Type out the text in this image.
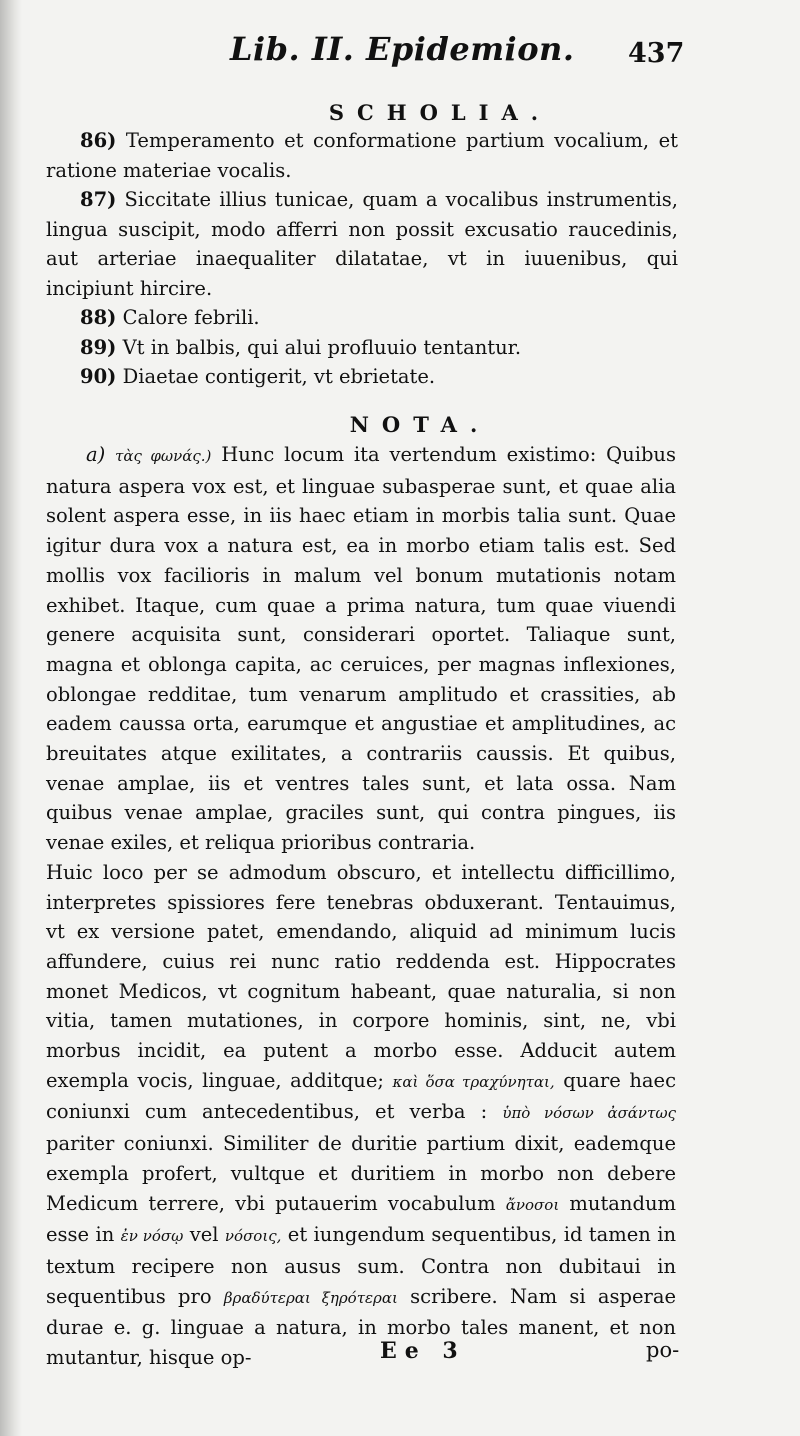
Lib. II. Epidemion. 437
SCHOLIA.
86) Temperamento et conformatione partium vocalium, et ratione materiae vocalis.
87) Siccitate illius tunicae, quam a vocalibus instrumentis, lingua suscipit, modo afferri non possit excusatio raucedinis, aut arteriae inaequaliter dilatatae, vt in iuuenibus, qui incipiunt hircire.
88) Calore febrili.
89) Vt in balbis, qui alui profluuio tentantur.
90) Diaetae contigerit, vt ebrietate.
NOTA.

a) τὰς φωνάς.) Hunc locum ita vertendum existimo: Quibus natura aspera vox est, et linguae subasperae sunt, et quae alia solent aspera esse, in iis haec etiam in morbis talia sunt. Quae igitur dura vox a natura est, ea in morbo etiam talis est. Sed mollis vox facilioris in malum vel bonum mutationis notam exhibet. Itaque, cum quae a prima natura, tum quae viuendi genere acquisita sunt, considerari oportet. Taliaque sunt, magna et oblonga capita, ac ceruices, per magnas inflexiones, oblongae redditae, tum venarum amplitudo et crassities, ab eadem caussa orta, earumque et angustiae et amplitudines, ac breuitates atque exilitates, a contrariis caussis. Et quibus, venae amplae, iis et ventres tales sunt, et lata ossa. Nam quibus venae amplae, graciles sunt, qui contra pingues, iis venae exiles, et reliqua prioribus contraria.

Huic loco per se admodum obscuro, et intellectu difficillimo, interpretes spissiores fere tenebras obduxerant. Tentauimus, vt ex versione patet, emendando, aliquid ad minimum lucis affundere, cuius rei nunc ratio reddenda est. Hippocrates monet Medicos, vt cognitum habeant, quae naturalia, si non vitia, tamen mutationes, in corpore hominis, sint, ne, vbi morbus incidit, ea putent a morbo esse. Adducit autem exempla vocis, linguae, additque; καὶ ὅσα τραχύνηται, quare haec coniunxi cum antecedentibus, et verba : ὑπὸ νόσων ἀσάντως pariter coniunxi. Similiter de duritie partium dixit, eademque exempla profert, vultque et duritiem in morbo non debere Medicum terrere, vbi putauerim vocabulum ἄνοσοι mutandum esse in ἐν νόσῳ vel νόσοις, et iungendum sequentibus, id tamen in textum recipere non ausus sum. Contra non dubitaui in sequentibus pro βραδύτεραι ξηρότεραι scribere. Nam si asperae durae e. g. linguae a natura, in morbo tales manent, et non mutantur, hisque op-	Ee 3	po-
